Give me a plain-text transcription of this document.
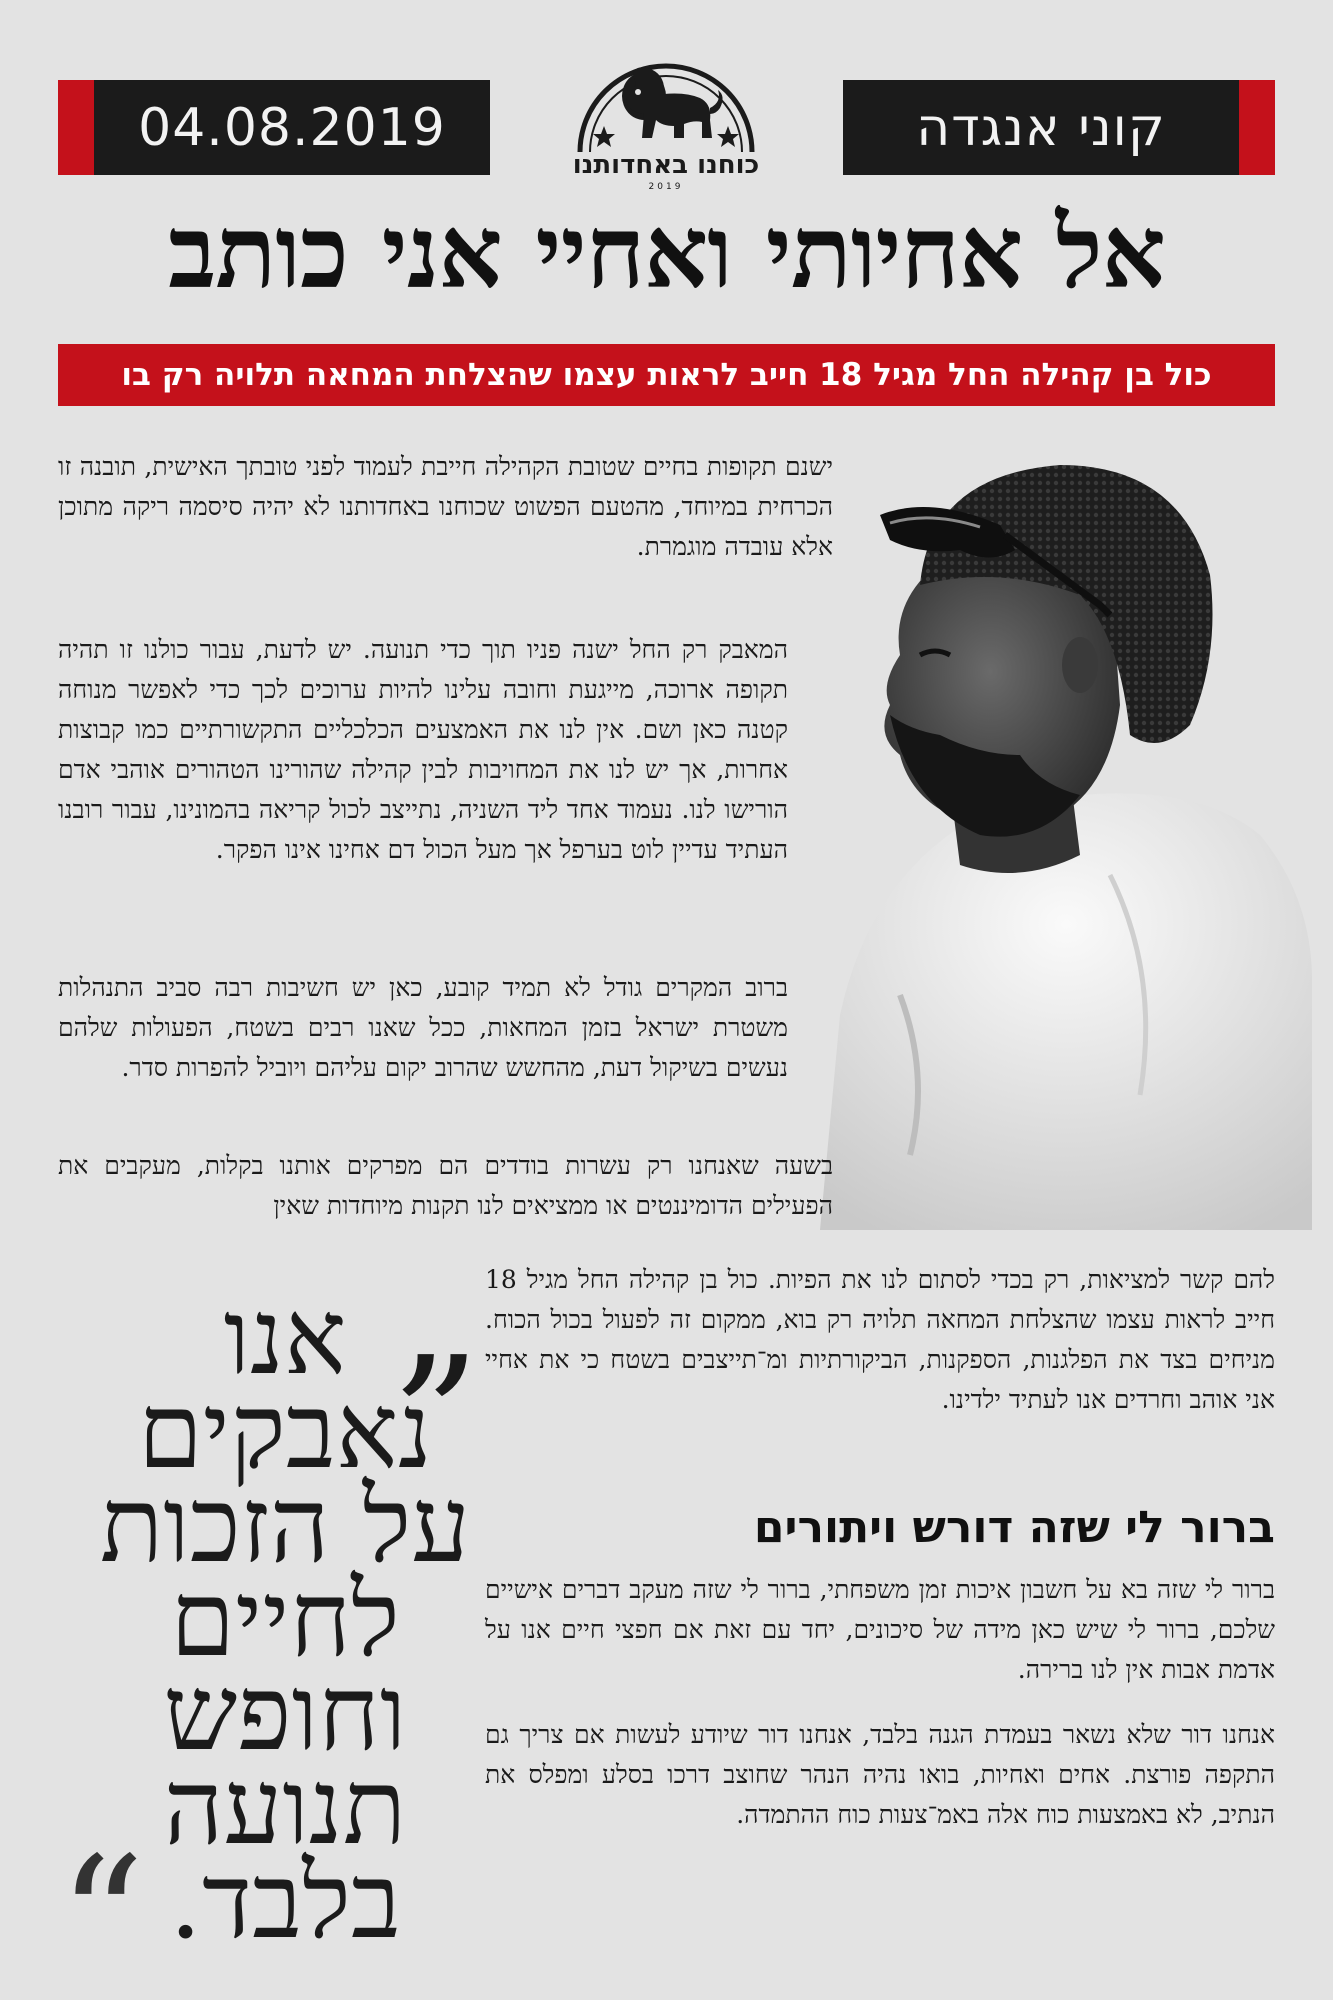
04.08.2019	קוני אנגדה
כוחנו באחדותנו
2019
אל אחיותי ואחיי אני כותב
כול בן קהילה החל מגיל 18 חייב לראות עצמו שהצלחת המחאה תלויה רק בו

ישנם תקופות בחיים שטובת הקהילה חייבת לעמוד לפני טובתך האישית, תובנה זו הכרחית במיוחד, מהטעם הפשוט שכוחנו באחדותנו לא יהיה סיסמה ריקה מתוכן אלא עובדה מוגמרת.

המאבק רק החל ישנה פניו תוך כדי תנועה. יש לדעת, עבור כולנו זו תהיה תקופה ארוכה, מייגעת וחובה עלינו להיות ערוכים לכך כדי לאפשר מנוחה קטנה כאן ושם. אין לנו את האמצעים הכלכליים התקשורתיים כמו קבוצות אחרות, אך יש לנו את המחויבות לבין קהילה שהורינו הטהורים אוהבי אדם הורישו לנו. נעמוד אחד ליד השניה, נתייצב לכול קריאה בהמונינו, עבור רובנו העתיד עדיין לוט בערפל אך מעל הכול דם אחינו אינו הפקר.

ברוב המקרים גודל לא תמיד קובע, כאן יש חשיבות רבה סביב התנהלות משטרת ישראל בזמן המחאות, ככל שאנו רבים בשטח, הפעולות שלהם נעשים בשיקול דעת, מהחשש שהרוב יקום עליהם ויוביל להפרות סדר.

בשעה שאנחנו רק עשרות בודדים הם מפרקים אותנו בקלות, מעקבים את הפעילים הדומיננטים או ממציאים לנו תקנות מיוחדות שאין

להם קשר למציאות, רק בכדי לסתום לנו את הפיות. כול בן קהילה החל מגיל 18 חייב לראות עצמו שהצלחת המחאה תלויה רק בוא, ממקום זה לפעול בכול הכוח. מניחים בצד את הפלגנות, הספקנות, הביקורתיות ומ־תייצבים בשטח כי את אחיי אני אוהב וחרדים אנו לעתיד ילדינו.

ברור לי שזה דורש ויתורים

ברור לי שזה בא על חשבון איכות זמן משפחתי, ברור לי שזה מעקב דברים אישיים שלכם, ברור לי שיש כאן מידה של סיכונים, יחד עם זאת אם חפצי חיים אנו על אדמת אבות אין לנו ברירה.

אנחנו דור שלא נשאר בעמדת הגנה בלבד, אנחנו דור שיודע לעשות אם צריך גם התקפה פורצת. אחים ואחיות, בואו נהיה הנהר שחוצב דרכו בסלע ומפלס את הנתיב, לא באמצעות כוח אלה באמ־צעות כוח ההתמדה.

„
אנו
נאבקים
על הזכות
לחיים
וחופש
תנועה
בלבד.
“
